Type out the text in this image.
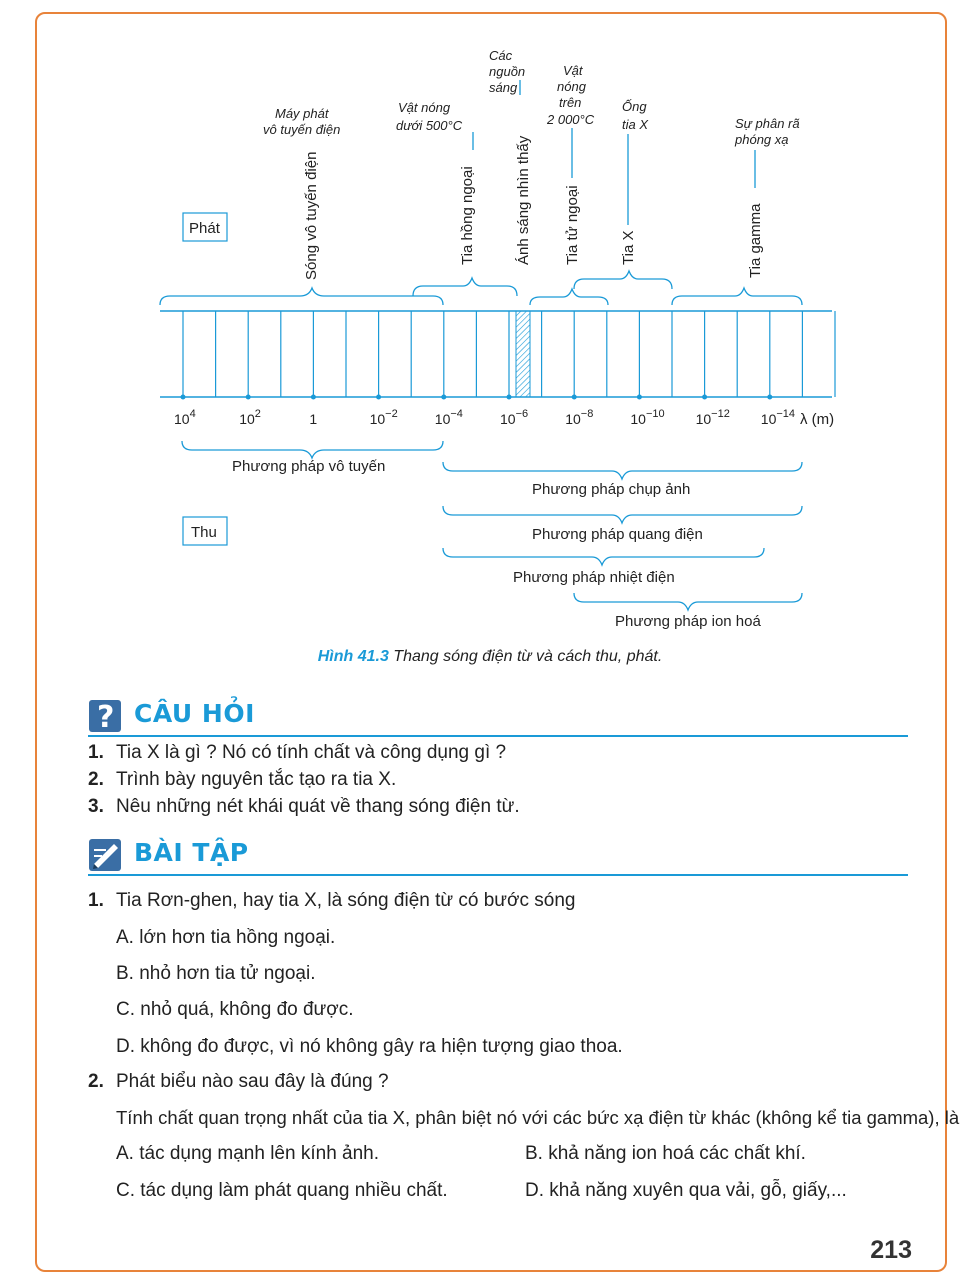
Phát
Thu
Máy phát
vô tuyến điện
Vật nóng
dưới 500°C
Các
nguồn
sáng
Vật
nóng
trên
2 000°C
Ống
tia X	Sự phân rã
phóng xạ
Sóng vô tuyến điện	Tia hồng ngoại	Ánh sáng nhìn thấy Tia tử ngoại	Tia X	Tia gamma
$10^4$	$10^2$	1	$10^{-2}$	$10^{-4}$	$10^{-6}$	$10^{-8}$	$10^{-10}$ $10^{-12}$ $10^{-14}$ λ (m)
Phương pháp vô tuyến
Phương pháp chụp ảnh
Phương pháp quang điện
Phương pháp nhiệt điện
Phương pháp ion hoá
Hình 41.3 Thang sóng điện từ và cách thu, phát.
? CÂU HỎI
1. Tia X là gì ? Nó có tính chất và công dụng gì ?
2. Trình bày nguyên tắc tạo ra tia X.
3. Nêu những nét khái quát về thang sóng điện từ.
BÀI TẬP
1. Tia Rơn-ghen, hay tia X, là sóng điện từ có bước sóng
A. lớn hơn tia hồng ngoại.
B. nhỏ hơn tia tử ngoại.
C. nhỏ quá, không đo được.
D. không đo được, vì nó không gây ra hiện tượng giao thoa.
2. Phát biểu nào sau đây là đúng ?
Tính chất quan trọng nhất của tia X, phân biệt nó với các bức xạ điện từ khác (không kể tia gamma), là
A. tác dụng mạnh lên kính ảnh.	B. khả năng ion hoá các chất khí.
C. tác dụng làm phát quang nhiều chất.	D. khả năng xuyên qua vải, gỗ, giấy,...
213
